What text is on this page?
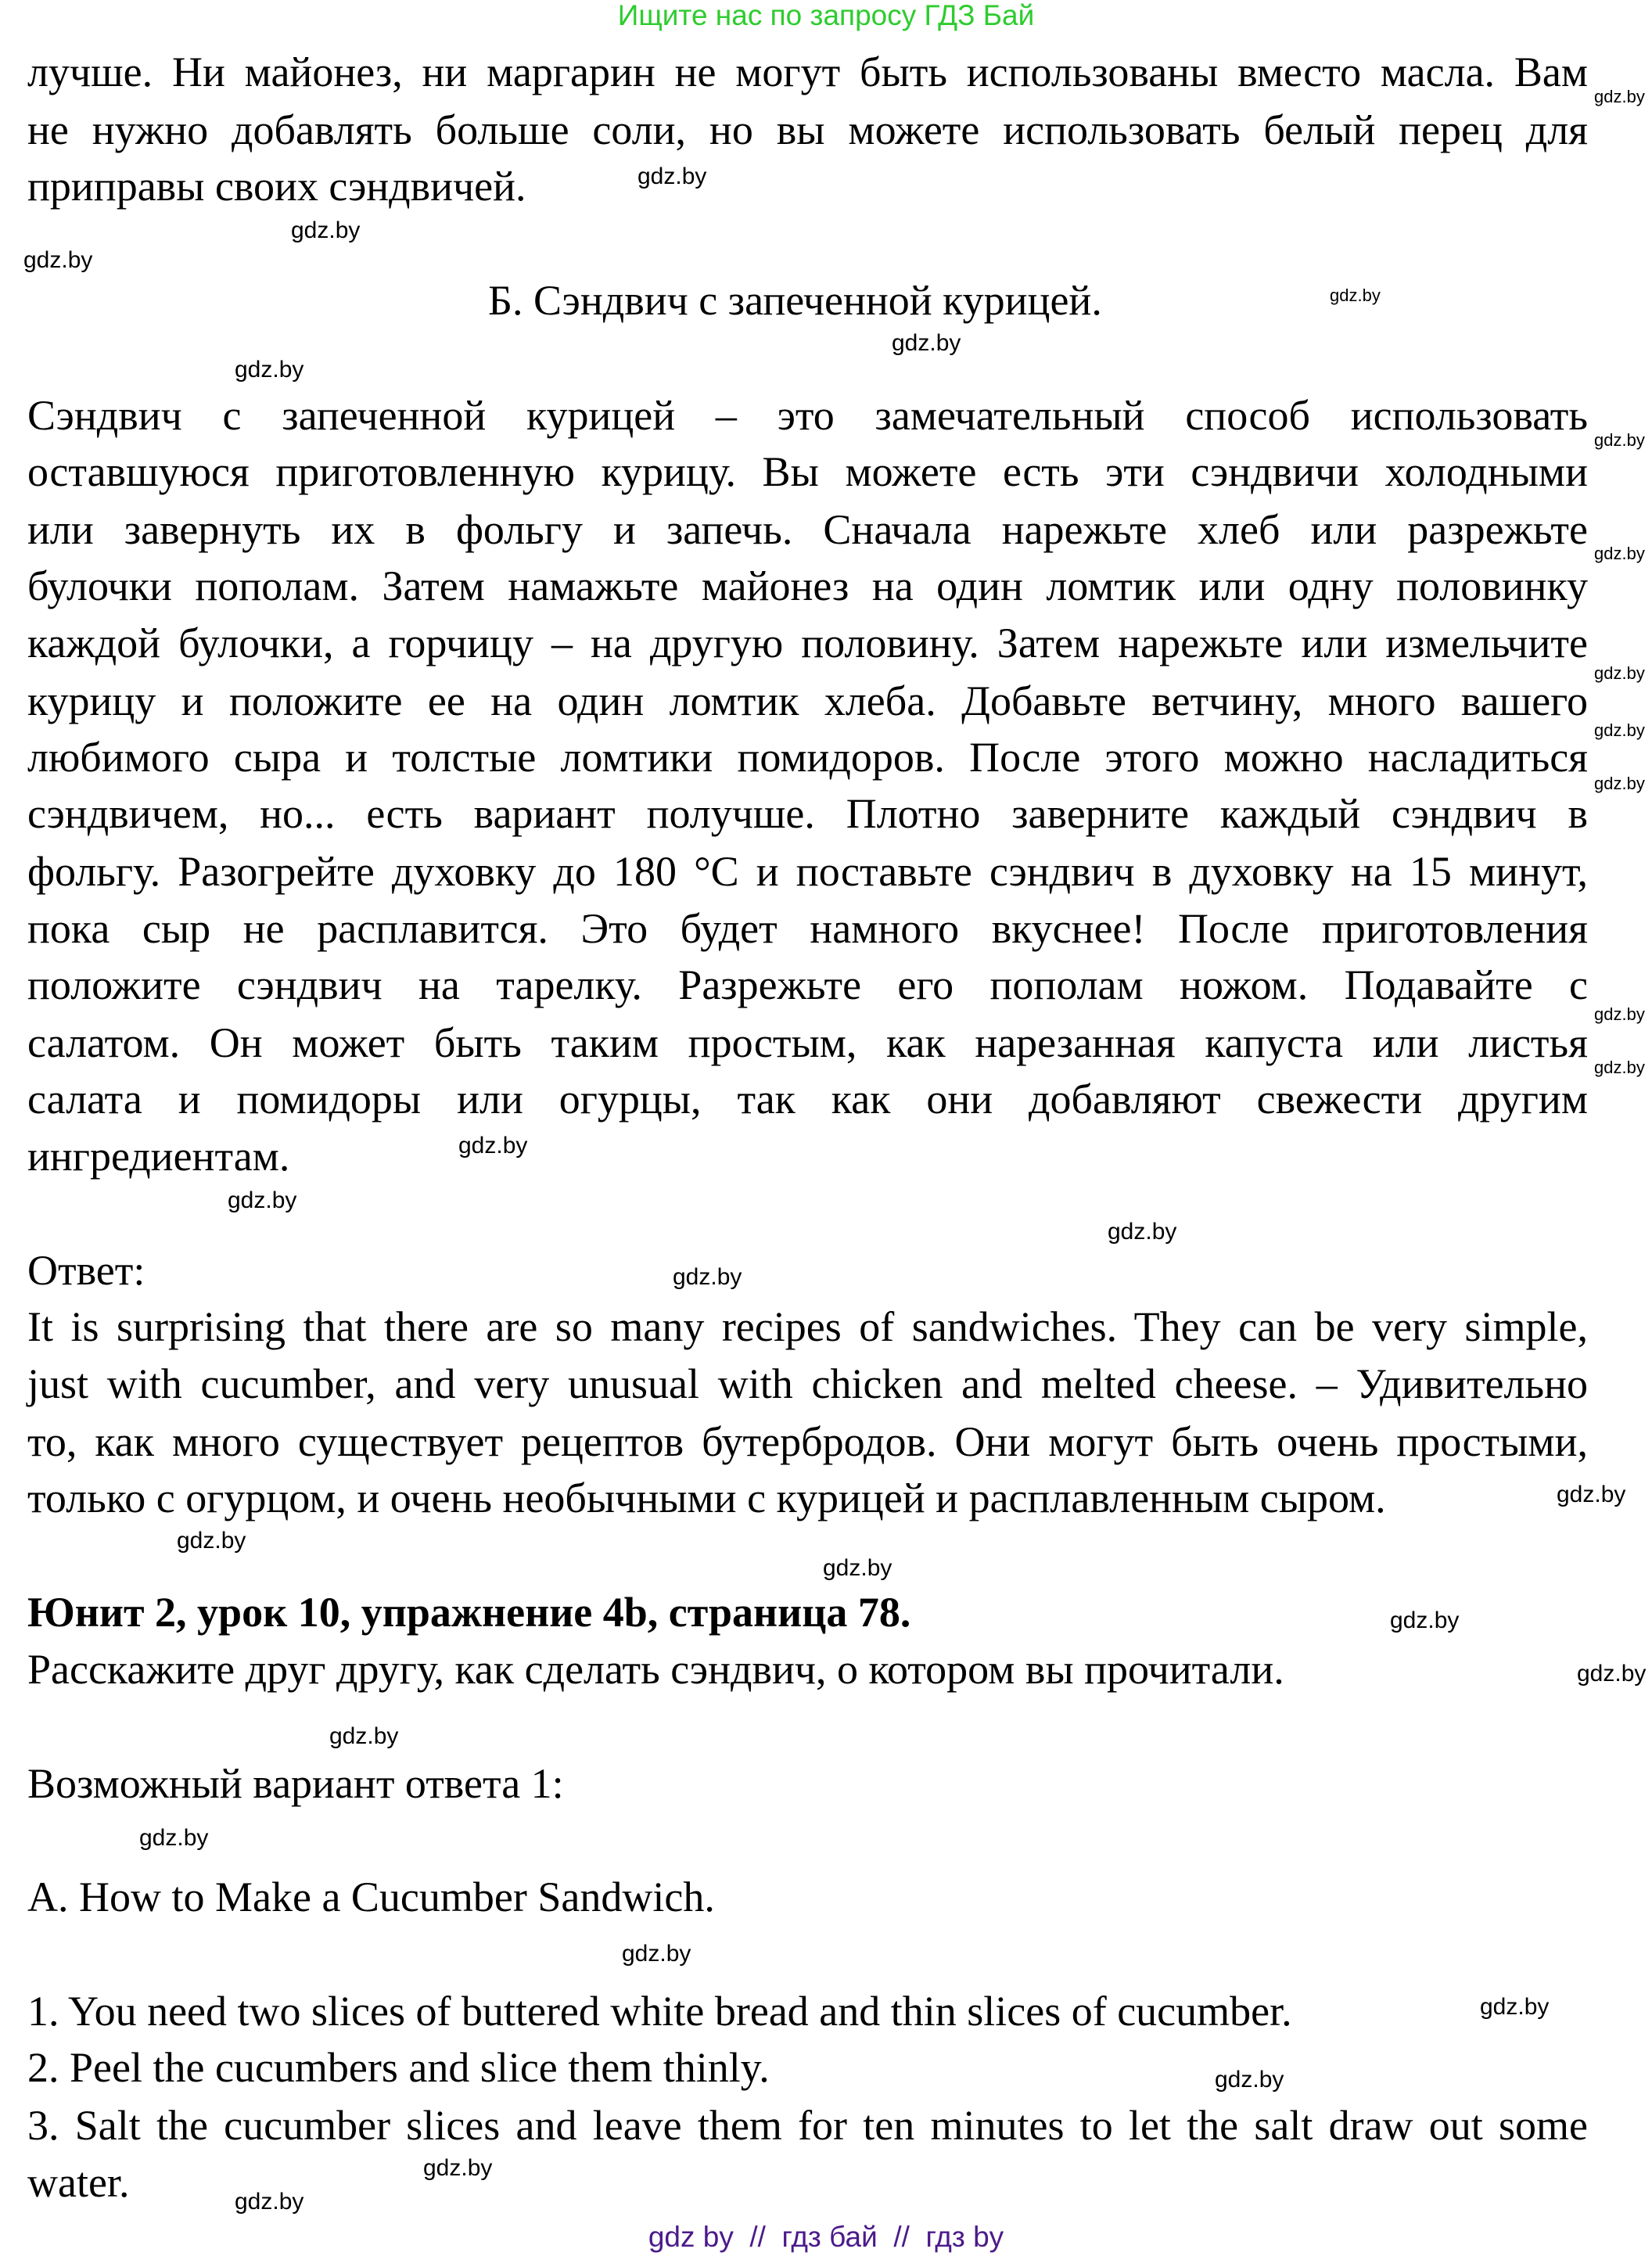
Ищите нас по запросу ГДЗ Бай
лучше. Ни майонез, ни маргарин не могут быть использованы вместо масла. Вам
не нужно добавлять больше соли, но вы можете использовать белый перец для
приправы своих сэндвичей.
Б. Сэндвич с запеченной курицей.
Сэндвич с запеченной курицей – это замечательный способ использовать
оставшуюся приготовленную курицу. Вы можете есть эти сэндвичи холодными
или завернуть их в фольгу и запечь. Сначала нарежьте хлеб или разрежьте
булочки пополам. Затем намажьте майонез на один ломтик или одну половинку
каждой булочки, а горчицу – на другую половину. Затем нарежьте или измельчите
курицу и положите ее на один ломтик хлеба. Добавьте ветчину, много вашего
любимого сыра и толстые ломтики помидоров. После этого можно насладиться
сэндвичем, но... есть вариант получше. Плотно заверните каждый сэндвич в
фольгу. Разогрейте духовку до 180 °C и поставьте сэндвич в духовку на 15 минут,
пока сыр не расплавится. Это будет намного вкуснее! После приготовления
положите сэндвич на тарелку. Разрежьте его пополам ножом. Подавайте с
салатом. Он может быть таким простым, как нарезанная капуста или листья
салата и помидоры или огурцы, так как они добавляют свежести другим
ингредиентам.
Ответ:
It is surprising that there are so many recipes of sandwiches. They can be very simple,
just with cucumber, and very unusual with chicken and melted cheese. – Удивительно
то, как много существует рецептов бутербродов. Они могут быть очень простыми,
только с огурцом, и очень необычными с курицей и расплавленным сыром.
Юнит 2, урок 10, упражнение 4b, страница 78.
Расскажите друг другу, как сделать сэндвич, о котором вы прочитали.
Возможный вариант ответа 1:
A. How to Make a Cucumber Sandwich.
1. You need two slices of buttered white bread and thin slices of cucumber.
2. Peel the cucumbers and slice them thinly.
3. Salt the cucumber slices and leave them for ten minutes to let the salt draw out some
water.
gdz.by
gdz.by
gdz.by
gdz.by
gdz.by
gdz.by
gdz.by
gdz.by
gdz.by
gdz.by
gdz.by
gdz.by
gdz.by
gdz.by
gdz.by
gdz.by
gdz.by
gdz.by
gdz.by
gdz.by
gdz.by
gdz.by
gdz.by
gdz.by
gdz.by
gdz.by
gdz.by
gdz.by
gdz.by
gdz.by
gdz by  //  гдз бай  //  гдз by
